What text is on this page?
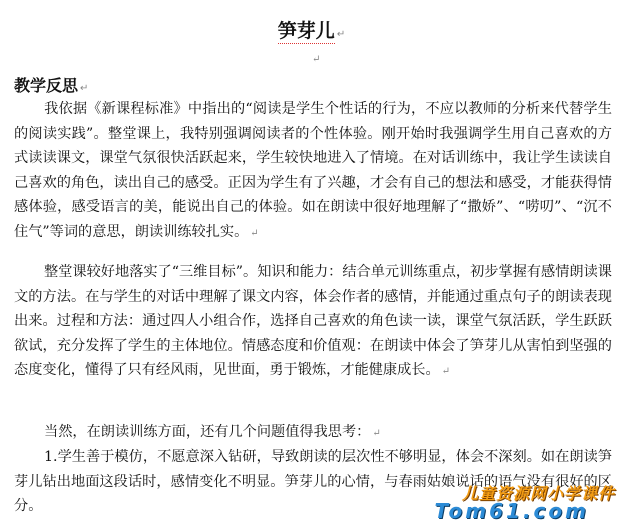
笋芽儿 ↵
↵
教学反思 ↵
我依据《新课程标准》中指出的“阅读是学生个性话的行为，不应以教师的分析来代替学生的阅读实践”。整堂课上，我特别强调阅读者的个性体验。刚开始时我强调学生用自己喜欢的方式读读课文，课堂气氛很快活跃起来，学生较快地进入了情境。在对话训练中，我让学生读读自己喜欢的角色，读出自己的感受。正因为学生有了兴趣，才会有自己的想法和感受，才能获得情感体验，感受语言的美，能说出自己的体验。如在朗读中很好地理解了“撒娇”、“唠叨”、“沉不住气”等词的意思，朗读训练较扎实。 ↵
整堂课较好地落实了“三维目标”。知识和能力：结合单元训练重点，初步掌握有感情朗读课文的方法。在与学生的对话中理解了课文内容，体会作者的感情，并能通过重点句子的朗读表现出来。过程和方法：通过四人小组合作，选择自己喜欢的角色读一读，课堂气氛活跃，学生跃跃欲试，充分发挥了学生的主体地位。情感态度和价值观：在朗读中体会了笋芽儿从害怕到坚强的态度变化，懂得了只有经风雨，见世面，勇于锻炼，才能健康成长。 ↵
当然，在朗读训练方面，还有几个问题值得我思考： ↵
1.学生善于模仿，不愿意深入钻研，导致朗读的层次性不够明显，体会不深刻。如在朗读笋芽儿钻出地面这段话时，感情变化不明显。笋芽儿的心情，与春雨姑娘说话的语气没有很好的区分。
儿童资源网小学课件
Tom61.com
